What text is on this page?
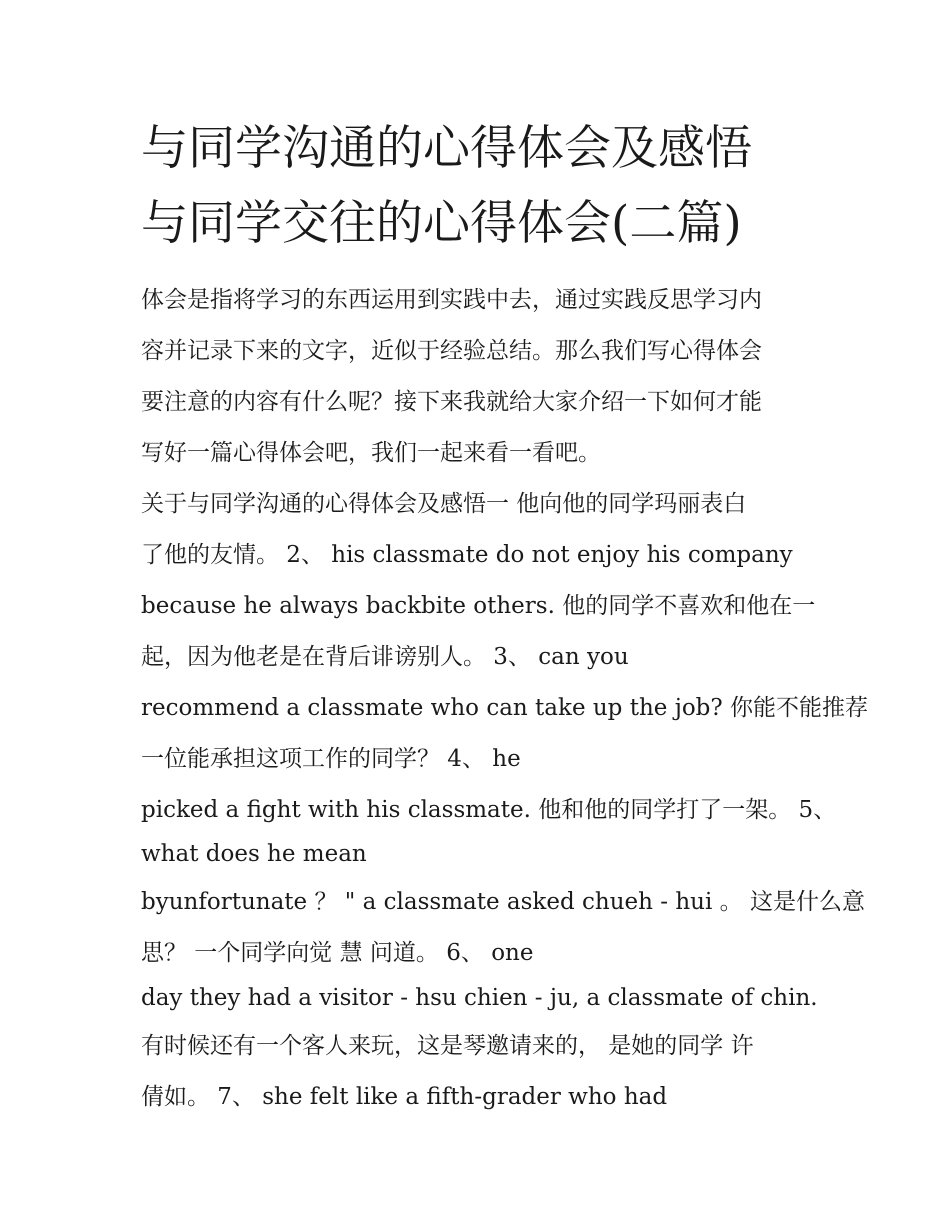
与同学沟通的心得体会及感悟
与同学交往的心得体会(二篇)
体会是指将学习的东西运用到实践中去，通过实践反思学习内
容并记录下来的文字，近似于经验总结。那么我们写心得体会
要注意的内容有什么呢？接下来我就给大家介绍一下如何才能
写好一篇心得体会吧，我们一起来看一看吧。
关于与同学沟通的心得体会及感悟一 他向他的同学玛丽表白
了他的友情。 2、 his classmate do not enjoy his company
because he always backbite others. 他的同学不喜欢和他在一
起，因为他老是在背后诽谤别人。 3、 can you
recommend a classmate who can take up the job? 你能不能推荐
一位能承担这项工作的同学？ 4、 he
picked a fight with his classmate. 他和他的同学打了一架。 5、
what does he mean
byunfortunate ？ " a classmate asked chueh - hui 。 这是什么意
思？ 一个同学向觉 慧 问道。 6、 one
day they had a visitor - hsu chien - ju, a classmate of chin.
有时候还有一个客人来玩，这是琴邀请来的， 是她的同学 许
倩如。 7、 she felt like a fifth-grader who had
